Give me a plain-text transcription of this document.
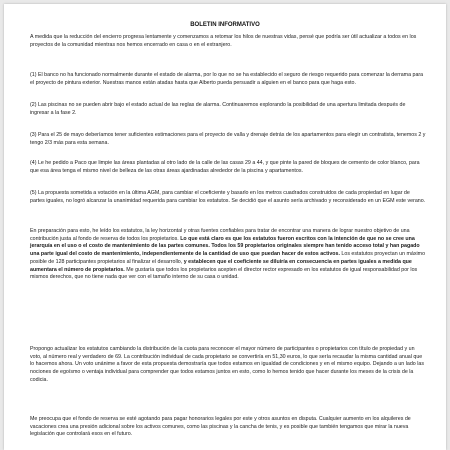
BOLETIN INFORMATIVO

A medida que la reducción del encierro progresa lentamente y comenzamos a retomar los hilos de nuestras vidas, pensé que podría ser útil actualizar a todos en los proyectos de la comunidad mientras nos hemos encerrado en casa o en el extranjero.

(1) El banco no ha funcionado normalmente durante el estado de alarma, por lo que no se ha establecido el seguro de riesgo requerido para comenzar la derrama para el proyecto de pintura exterior. Nuestras manos están atadas hasta que Alberto pueda persuadir a alguien en el banco para que haga esto.

(2) Las piscinas no se pueden abrir bajo el estado actual de las reglas de alarma. Continuaremos explorando la posibilidad de una apertura limitada después de ingresar a la fase 2.

(3) Para el 25 de mayo deberíamos tener suficientes estimaciones para el proyecto de valla y drenaje detrás de los apartamentos para elegir un contratista, tenemos 2 y tengo 2/3 más para esta semana.

(4) Le he pedido a Paco que limpie las áreas plantadas al otro lado de la calle de las casas 29 a 44, y que pinte la pared de bloques de cemento de color blanco, para que esa área tenga el mismo nivel de belleza de las otras áreas ajardinadas alrededor de la piscina y apartamentos.

(5) La propuesta sometida a votación en la última AGM, para cambiar el coeficiente y basarlo en los metros cuadrados construidos de cada propiedad en lugar de partes iguales, no logró alcanzar la unanimidad requerida para cambiar los estatutos. Se decidió que el asunto sería archivado y reconsiderado en un EGM este verano.

En preparación para esto, he leído los estatutos, la ley horizontal y otras fuentes confiables para tratar de encontrar una manera de lograr nuestro objetivo de una contribución justa al fondo de reserva de todos los propietarios. Lo que está claro es que los estatutos fueron escritos con la intención de que no se cree una jerarquía en el uso o el costo de mantenimiento de las partes comunes. Todos los 59 propietarios originales siempre han tenido acceso total y han pagado una parte igual del costo de mantenimiento, independientemente de la cantidad de uso que puedan hacer de estos activos. Los estatutos proyectan un máximo posible de 128 participantes propietarios al finalizar el desarrollo, y establecen que el coeficiente se diluiría en consecuencia en partes iguales a medida que aumentara el número de propietarios. Me gustaría que todos los propietarios acepten el director rector expresado en los estatutos de igual responsabilidad por los mismos derechos, que no tiene nada que ver con el tamaño interno de su casa o unidad.

Propongo actualizar los estatutos cambiando la distribución de la cuota para reconocer el mayor número de participantes o propietarios con título de propiedad y un voto, al número real y verdadero de 69. La contribución individual de cada propietario se convertiría en 51,30 euros, lo que sería recaudar la misma cantidad anual que lo hacemos ahora. Un voto unánime a favor de esta propuesta demostraría que todos estamos en igualdad de condiciones y en el mismo equipo. Dejando a un lado las nociones de egoísmo o ventaja individual para comprender que todos estamos juntos en esto, como lo hemos tenido que hacer durante los meses de la crisis de la codicia.

Me preocupa que el fondo de reserva se esté agotando para pagar honorarios legales por este y otros asuntos en disputa. Cualquier aumento en los alquileres de vacaciones crea una presión adicional sobre los activos comunes, como las piscinas y la cancha de tenis, y es posible que también tengamos que mirar la nueva legislación que controlará esos en el futuro.
